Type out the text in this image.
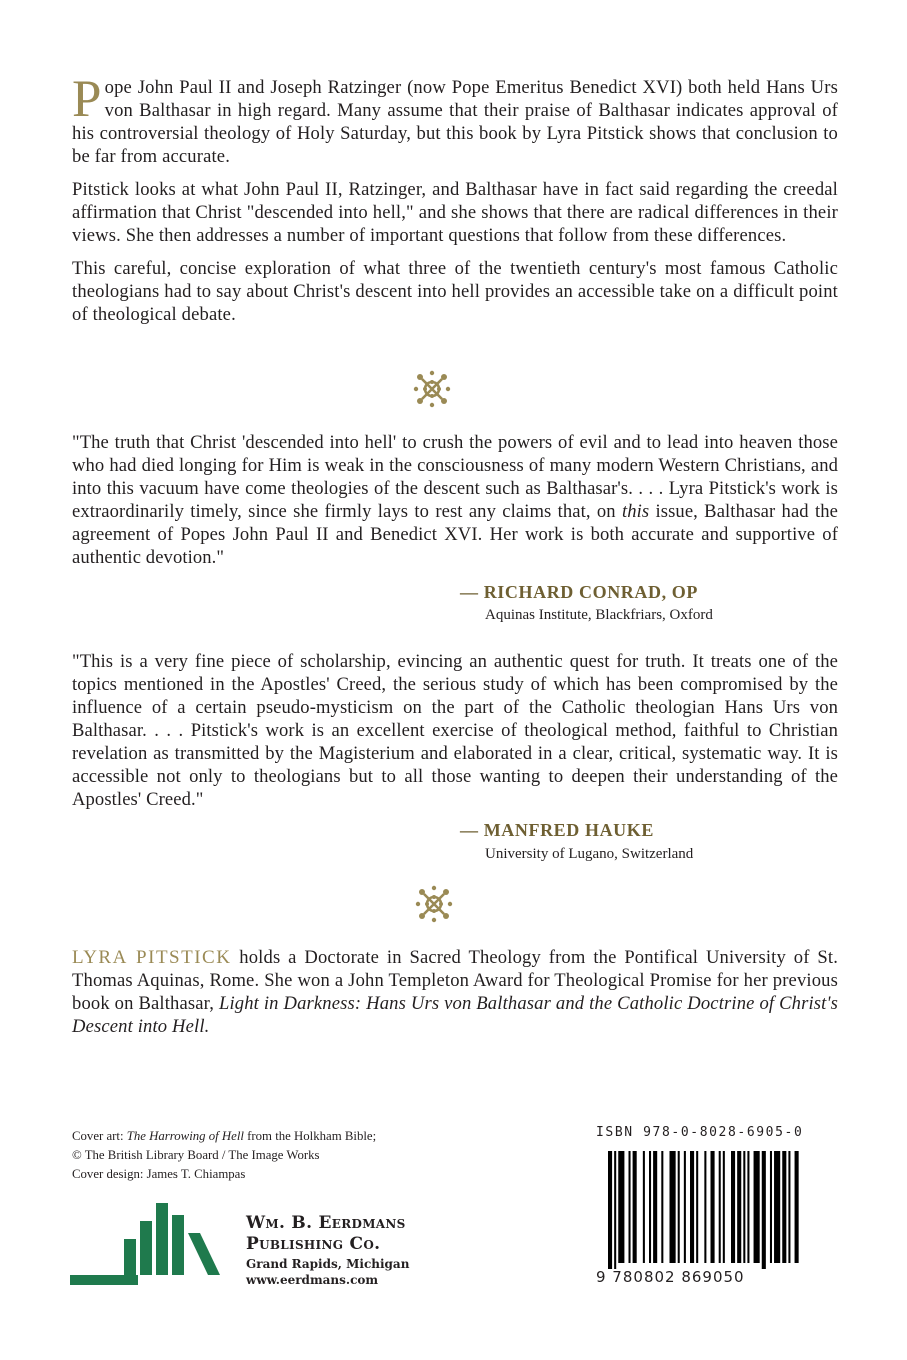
Pope John Paul II and Joseph Ratzinger (now Pope Emeritus Benedict XVI) both held Hans Urs von Balthasar in high regard. Many assume that their praise of Balthasar indicates approval of his controversial theology of Holy Saturday, but this book by Lyra Pitstick shows that conclusion to be far from accurate.

Pitstick looks at what John Paul II, Ratzinger, and Balthasar have in fact said regarding the creedal affirmation that Christ "descended into hell," and she shows that there are radical differences in their views. She then addresses a number of important questions that follow from these differences.

This careful, concise exploration of what three of the twentieth century's most famous Catholic theologians had to say about Christ's descent into hell provides an accessible take on a difficult point of theological debate.

"The truth that Christ 'descended into hell' to crush the powers of evil and to lead into heaven those who had died longing for Him is weak in the consciousness of many modern Western Christians, and into this vacuum have come theologies of the descent such as Balthasar's. . . . Lyra Pitstick's work is extraordinarily timely, since she firmly lays to rest any claims that, on this issue, Balthasar had the agreement of Popes John Paul II and Benedict XVI. Her work is both accurate and supportive of authentic devotion."

— RICHARD CONRAD, OP
Aquinas Institute, Blackfriars, Oxford

"This is a very fine piece of scholarship, evincing an authentic quest for truth. It treats one of the topics mentioned in the Apostles' Creed, the serious study of which has been compromised by the influence of a certain pseudo-mysticism on the part of the Catholic theologian Hans Urs von Balthasar. . . . Pitstick's work is an excellent exercise of theological method, faithful to Christian revelation as transmitted by the Magisterium and elaborated in a clear, critical, systematic way. It is accessible not only to theologians but to all those wanting to deepen their understanding of the Apostles' Creed."

— MANFRED HAUKE
University of Lugano, Switzerland

LYRA PITSTICK holds a Doctorate in Sacred Theology from the Pontifical University of St. Thomas Aquinas, Rome. She won a John Templeton Award for Theological Promise for her previous book on Balthasar, Light in Darkness: Hans Urs von Balthasar and the Catholic Doctrine of Christ's Descent into Hell.

Cover art: The Harrowing of Hell from the Holkham Bible;
© The British Library Board / The Image Works
Cover design: James T. Chiampas
Wm. B. Eerdmans
Publishing Co.
Grand Rapids, Michigan
www.eerdmans.com
ISBN 978-0-8028-6905-0
9 780802 869050
